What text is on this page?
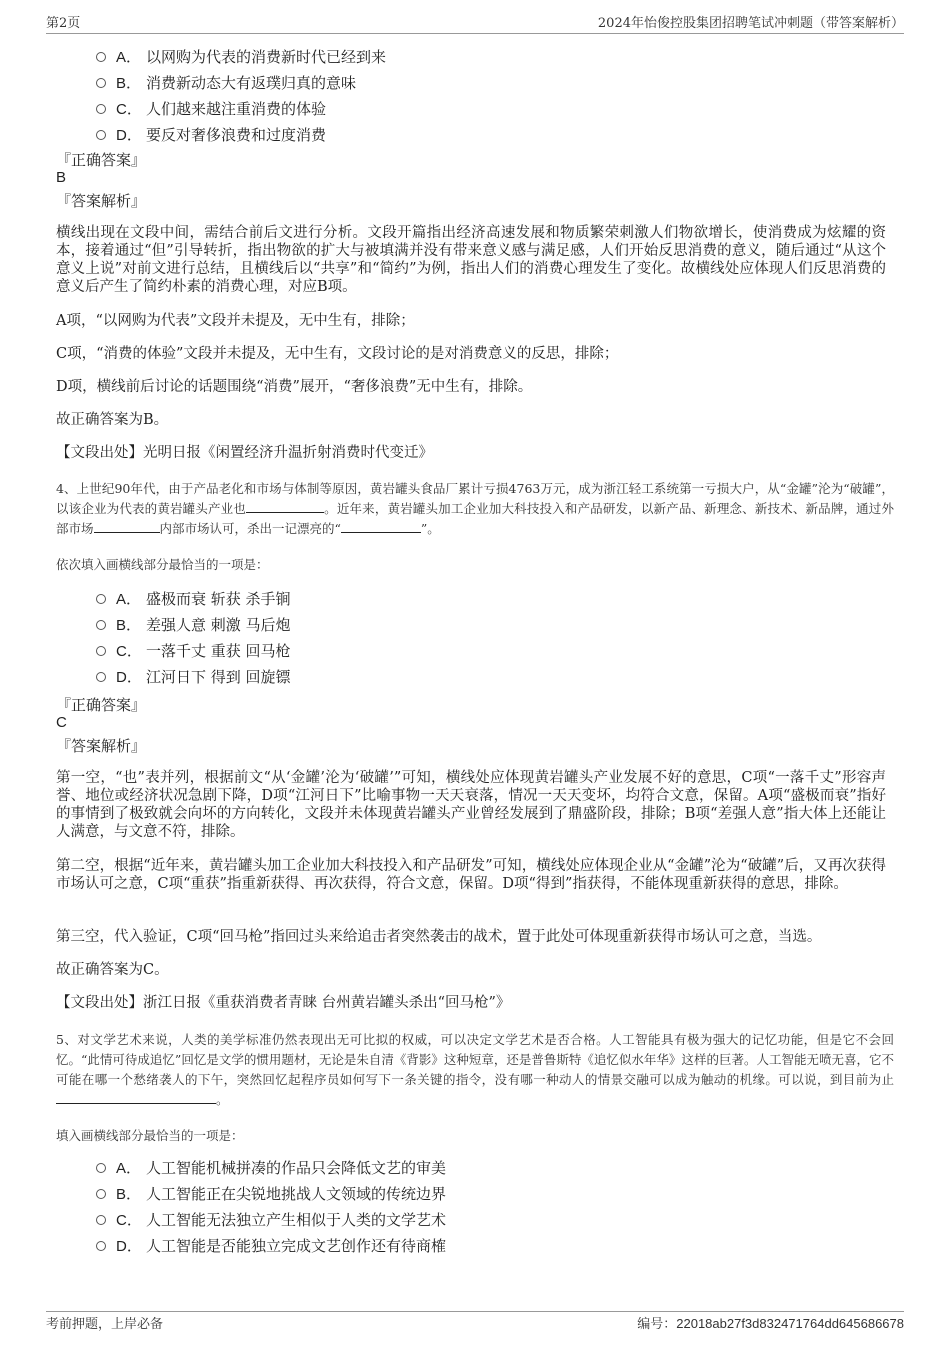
第2页	2024年怡俊控股集团招聘笔试冲刺题（带答案解析）
A． 以网购为代表的消费新时代已经到来
B． 消费新动态大有返璞归真的意味
C． 人们越来越注重消费的体验
D． 要反对奢侈浪费和过度消费
『正确答案』
B
『答案解析』
横线出现在文段中间，需结合前后文进行分析。文段开篇指出经济高速发展和物质繁荣刺激人们物欲增长，使消费成为炫耀的资本，接着通过“但”引导转折，指出物欲的扩大与被填满并没有带来意义感与满足感，人们开始反思消费的意义，随后通过“从这个意义上说”对前文进行总结，且横线后以“共享”和“简约”为例，指出人们的消费心理发生了变化。故横线处应体现人们反思消费的意义后产生了简约朴素的消费心理，对应B项。
A项，“以网购为代表”文段并未提及，无中生有，排除；
C项，“消费的体验”文段并未提及，无中生有，文段讨论的是对消费意义的反思，排除；
D项，横线前后讨论的话题围绕“消费”展开，“奢侈浪费”无中生有，排除。
故正确答案为B。
【文段出处】光明日报《闲置经济升温折射消费时代变迁》
4、上世纪90年代，由于产品老化和市场与体制等原因，黄岩罐头食品厂累计亏损4763万元，成为浙江轻工系统第一亏损大户，从“金罐”沦为“破罐”，以该企业为代表的黄岩罐头产业也	。近年来，黄岩罐头加工企业加大科技投入和产品研发，以新产品、新理念、新技术、新品牌，通过外部市场	内部市场认可，杀出一记漂亮的“	”。
依次填入画横线部分最恰当的一项是：
A． 盛极而衰 斩获 杀手锏
B． 差强人意 刺激 马后炮
C． 一落千丈 重获 回马枪
D． 江河日下 得到 回旋镖
『正确答案』
C
『答案解析』
第一空，“也”表并列，根据前文“从‘金罐’沦为‘破罐’”可知，横线处应体现黄岩罐头产业发展不好的意思，C项“一落千丈”形容声誉、地位或经济状况急剧下降，D项“江河日下”比喻事物一天天衰落，情况一天天变坏，均符合文意，保留。A项“盛极而衰”指好的事情到了极致就会向坏的方向转化，文段并未体现黄岩罐头产业曾经发展到了鼎盛阶段，排除；B项“差强人意”指大体上还能让人满意，与文意不符，排除。
第二空，根据“近年来，黄岩罐头加工企业加大科技投入和产品研发”可知，横线处应体现企业从“金罐”沦为“破罐”后，又再次获得市场认可之意，C项“重获”指重新获得、再次获得，符合文意，保留。D项“得到”指获得，不能体现重新获得的意思，排除。
第三空，代入验证，C项“回马枪”指回过头来给追击者突然袭击的战术，置于此处可体现重新获得市场认可之意，当选。
故正确答案为C。
【文段出处】浙江日报《重获消费者青睐 台州黄岩罐头杀出“回马枪”》
5、对文学艺术来说，人类的美学标准仍然表现出无可比拟的权威，可以决定文学艺术是否合格。人工智能具有极为强大的记忆功能，但是它不会回忆。“此情可待成追忆”回忆是文学的惯用题材，无论是朱自清《背影》这种短章，还是普鲁斯特《追忆似水年华》这样的巨著。人工智能无喷无喜，它不可能在哪一个愁绪袭人的下午，突然回忆起程序员如何写下一条关键的指令，没有哪一种动人的情景交融可以成为触动的机缘。可以说，到目前为止。
填入画横线部分最恰当的一项是：
A． 人工智能机械拼凑的作品只会降低文艺的审美
B． 人工智能正在尖锐地挑战人文领域的传统边界
C． 人工智能无法独立产生相似于人类的文学艺术
D． 人工智能是否能独立完成文艺创作还有待商榷
考前押题，上岸必备	编号：22018ab27f3d832471764dd645686678
